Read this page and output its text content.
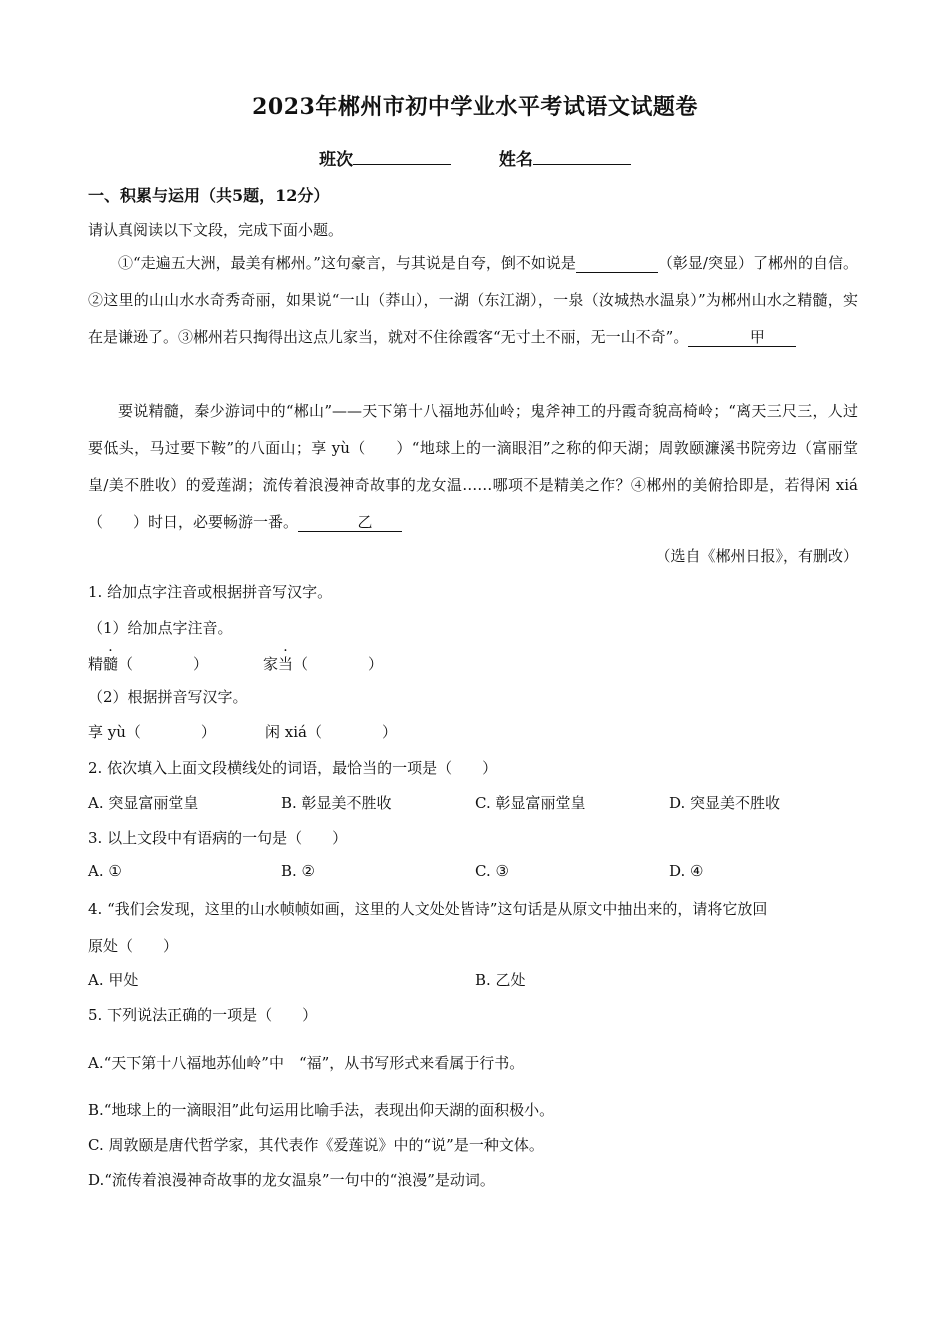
2023年郴州市初中学业水平考试语文试题卷
班次	姓名
一、积累与运用（共5题，12分）
请认真阅读以下文段，完成下面小题。
①“走遍五大洲，最美有郴州。”这句豪言，与其说是自夸，倒不如说是	（彰显/突显）了郴州的自信。②这里的山山水水奇秀奇丽，如果说“一山（莽山），一湖（东江湖），一泉（汝城热水温泉）”为郴州山水之精髓，实在是谦逊了。③郴州若只掏得出这点儿家当，就对不住徐霞客“无寸土不丽，无一山不奇”。	甲
要说精髓，秦少游词中的“郴山”——天下第十八福地苏仙岭；鬼斧神工的丹霞奇貌高椅岭；“离天三尺三，人过要低头，马过要下鞍”的八面山；享 yù（　　）“地球上的一滴眼泪”之称的仰天湖；周敦颐濂溪书院旁边（富丽堂皇/美不胜收）的爱莲湖；流传着浪漫神奇故事的龙女温……哪项不是精美之作？④郴州的美俯拾即是，若得闲 xiá（　　）时日，必要畅游一番。	乙
（选自《郴州日报》，有删改）
1. 给加点字注音或根据拼音写汉字。
（1）给加点字注音。
精髓（	）	家当（	）
（2）根据拼音写汉字。
享 yù（	）	闲 xiá（	）
2. 依次填入上面文段横线处的词语，最恰当的一项是（　　）
A. 突显富丽堂皇	B. 彰显美不胜收	C. 彰显富丽堂皇	D. 突显美不胜收
3. 以上文段中有语病的一句是（　　）
A. ①	B. ②	C. ③	D. ④
4. “我们会发现，这里的山水帧帧如画，这里的人文处处皆诗”这句话是从原文中抽出来的，请将它放回
原处（　　）
A. 甲处	B. 乙处
5. 下列说法正确的一项是（　　）
A.“天下第十八福地苏仙岭”中　“福”，从书写形式来看属于行书。
B.“地球上的一滴眼泪”此句运用比喻手法，表现出仰天湖的面积极小。
C. 周敦颐是唐代哲学家，其代表作《爱莲说》中的“说”是一种文体。
D.“流传着浪漫神奇故事的龙女温泉”一句中的“浪漫”是动词。
